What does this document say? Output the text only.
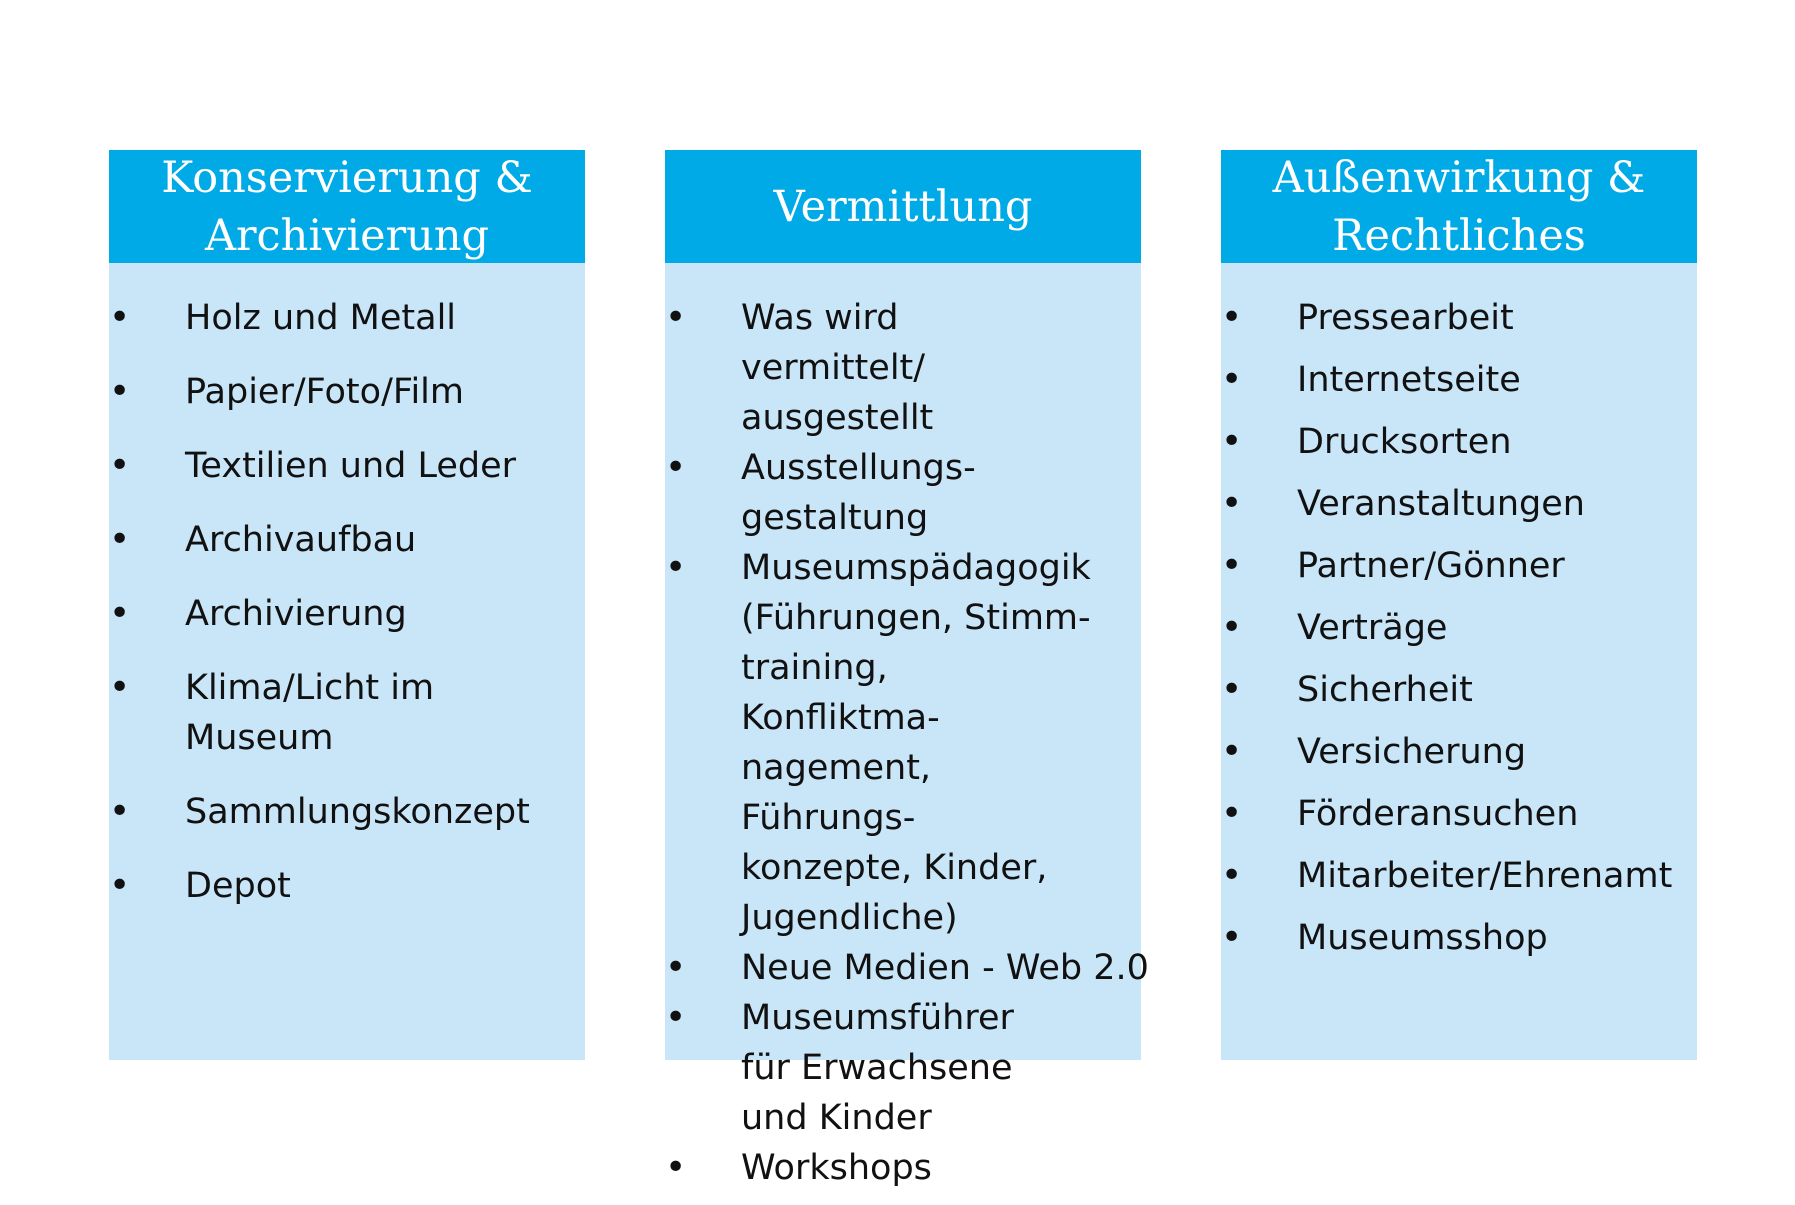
Konservierung & Archivierung
• Holz und Metall
• Papier/Foto/Film
• Textilien und Leder
• Archivaufbau
• Archivierung
• Klima/Licht im Museum
• Sammlungskonzept
• Depot
Vermittlung
• Was wird vermittelt/ ausgestellt
• Ausstellungs- gestaltung
• Museumspädagogik (Führungen, Stimm- training, Konfliktma- nagement, Führungs- konzepte, Kinder, Jugendliche)
• Neue Medien - Web 2.0
• Museumsführer für Erwachsene und Kinder
• Workshops
Außenwirkung & Rechtliches
• Pressearbeit
• Internetseite
• Drucksorten
• Veranstaltungen
• Partner/Gönner
• Verträge
• Sicherheit
• Versicherung
• Förderansuchen
• Mitarbeiter/Ehrenamt
• Museumsshop
